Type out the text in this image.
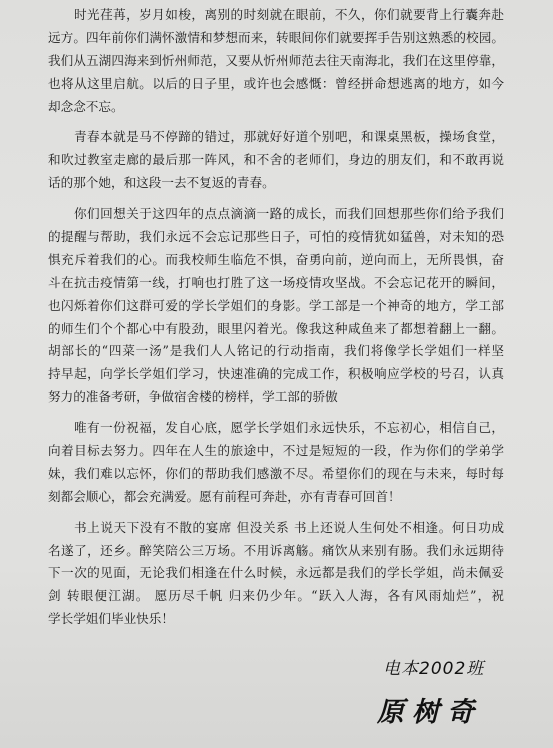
时光荏苒，岁月如梭，离别的时刻就在眼前，不久，你们就要背上行囊奔赴
远方。四年前你们满怀激情和梦想而来，转眼间你们就要挥手告别这熟悉的校园。
我们从五湖四海来到忻州师范，又要从忻州师范去往天南海北，我们在这里停靠，
也将从这里启航。以后的日子里，或许也会感慨：曾经拼命想逃离的地方，如今
却念念不忘。
青春本就是马不停蹄的错过，那就好好道个别吧，和课桌黑板，操场食堂，
和吹过教室走廊的最后那一阵风，和不舍的老师们，身边的朋友们，和不敢再说
话的那个她，和这段一去不复返的青春。
你们回想关于这四年的点点滴滴一路的成长，而我们回想那些你们给予我们
的提醒与帮助，我们永远不会忘记那些日子，可怕的疫情犹如猛兽，对未知的恐
惧充斥着我们的心。而我校师生临危不惧，奋勇向前，逆向而上，无所畏惧，奋
斗在抗击疫情第一线，打响也打胜了这一场疫情攻坚战。不会忘记花开的瞬间，
也闪烁着你们这群可爱的学长学姐们的身影。学工部是一个神奇的地方，学工部
的师生们个个都心中有股劲，眼里闪着光。像我这种咸鱼来了都想着翻上一翻。
胡部长的“四菜一汤”是我们人人铭记的行动指南，我们将像学长学姐们一样坚
持早起，向学长学姐们学习，快速准确的完成工作，积极响应学校的号召，认真
努力的准备考研，争做宿舍楼的榜样，学工部的骄傲
唯有一份祝福，发自心底，愿学长学姐们永远快乐，不忘初心，相信自己，
向着目标去努力。四年在人生的旅途中，不过是短短的一段，作为你们的学弟学
妹，我们难以忘怀，你们的帮助我们感激不尽。希望你们的现在与未来，每时每
刻都会顺心，都会充满爱。愿有前程可奔赴，亦有青春可回首！
书上说天下没有不散的宴席 但没关系 书上还说人生何处不相逢。何日功成
名遂了，还乡。醉笑陪公三万场。不用诉离觞。痛饮从来别有肠。我们永远期待
下一次的见面，无论我们相逢在什么时候，永远都是我们的学长学姐，尚未佩妥
剑 转眼便江湖。 愿历尽千帆 归来仍少年。“跃入人海，各有风雨灿烂”，祝
学长学姐们毕业快乐！
电本2002班
原树奇
